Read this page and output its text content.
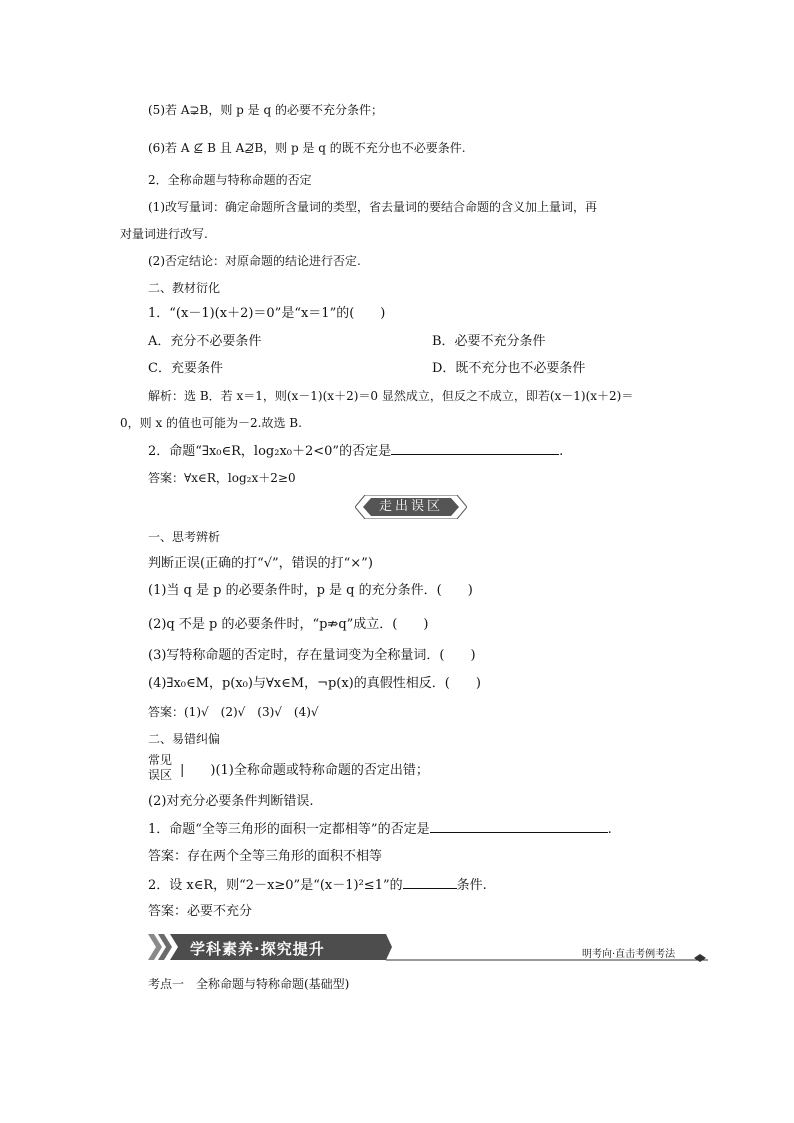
(5)若 A⊋B，则 p 是 q 的必要不充分条件；
(6)若 A ⊈ B 且 A⊉B，则 p 是 q 的既不充分也不必要条件.
2．全称命题与特称命题的否定
(1)改写量词：确定命题所含量词的类型，省去量词的要结合命题的含义加上量词，再
对量词进行改写.
(2)否定结论：对原命题的结论进行否定.
二、教材衍化
1．“(x－1)(x＋2)＝0”是“x＝1”的(　　)
A．充分不必要条件	B．必要不充分条件
C．充要条件	D．既不充分也不必要条件
解析：选 B．若 x＝1，则(x－1)(x＋2)＝0 显然成立，但反之不成立，即若(x－1)(x＋2)＝
0，则 x 的值也可能为－2.故选 B.
2．命题“∃x₀∈R，log₂x₀＋2<0”的否定是	.
答案：∀x∈R，log₂x＋2≥0
走出误区
一、思考辨析
判断正误(正确的打“√”，错误的打“×”)
(1)当 q 是 p 的必要条件时，p 是 q 的充分条件．(　　)
(2)q 不是 p 的必要条件时，“p⇏q”成立．(　　)
(3)写特称命题的否定时，存在量词变为全称量词．(　　)
(4)∃x₀∈M，p(x₀)与∀x∈M，¬p(x)的真假性相反．(　　)
答案：(1)√　(2)√　(3)√　(4)√
二、易错纠偏
常见
误区 |　　)(1)全称命题或特称命题的否定出错；
(2)对充分必要条件判断错误.
1．命题“全等三角形的面积一定都相等”的否定是	.
答案：存在两个全等三角形的面积不相等
2．设 x∈R，则“2－x≥0”是“(x－1)²≤1”的	条件.
答案：必要不充分
学科素养·探究提升	明考向·直击考例考法
考点一　全称命题与特称命题(基础型)
